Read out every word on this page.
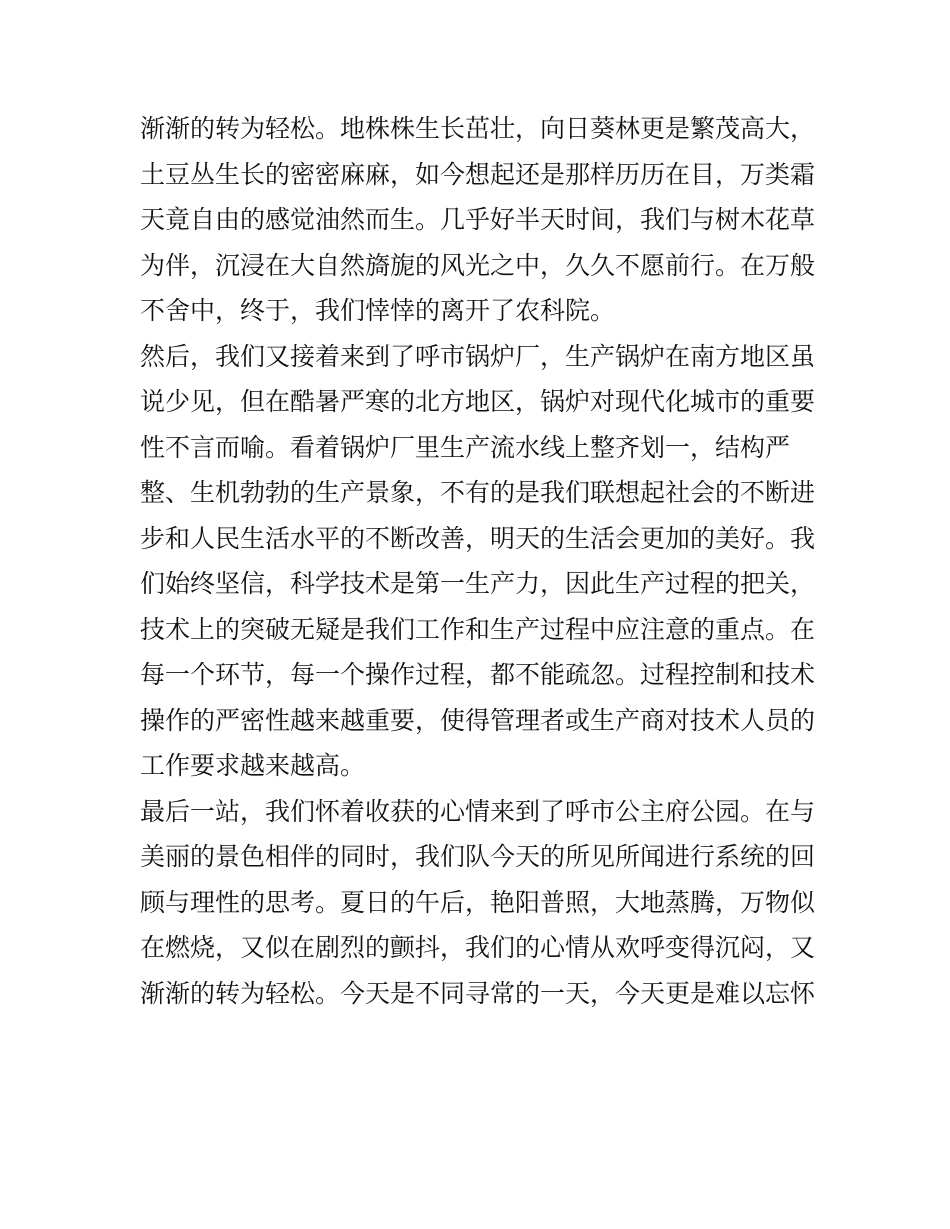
渐渐的转为轻松。地株株生长茁壮，向日葵林更是繁茂高大，
土豆丛生长的密密麻麻，如今想起还是那样历历在目，万类霜
天竟自由的感觉油然而生。几乎好半天时间，我们与树木花草
为伴，沉浸在大自然旖旎的风光之中，久久不愿前行。在万般
不舍中，终于，我们悻悻的离开了农科院。
然后，我们又接着来到了呼市锅炉厂，生产锅炉在南方地区虽
说少见，但在酷暑严寒的北方地区，锅炉对现代化城市的重要
性不言而喻。看着锅炉厂里生产流水线上整齐划一，结构严
整、生机勃勃的生产景象，不有的是我们联想起社会的不断进
步和人民生活水平的不断改善，明天的生活会更加的美好。我
们始终坚信，科学技术是第一生产力，因此生产过程的把关，
技术上的突破无疑是我们工作和生产过程中应注意的重点。在
每一个环节，每一个操作过程，都不能疏忽。过程控制和技术
操作的严密性越来越重要，使得管理者或生产商对技术人员的
工作要求越来越高。
最后一站，我们怀着收获的心情来到了呼市公主府公园。在与
美丽的景色相伴的同时，我们队今天的所见所闻进行系统的回
顾与理性的思考。夏日的午后，艳阳普照，大地蒸腾，万物似
在燃烧，又似在剧烈的颤抖，我们的心情从欢呼变得沉闷，又
渐渐的转为轻松。今天是不同寻常的一天，今天更是难以忘怀
